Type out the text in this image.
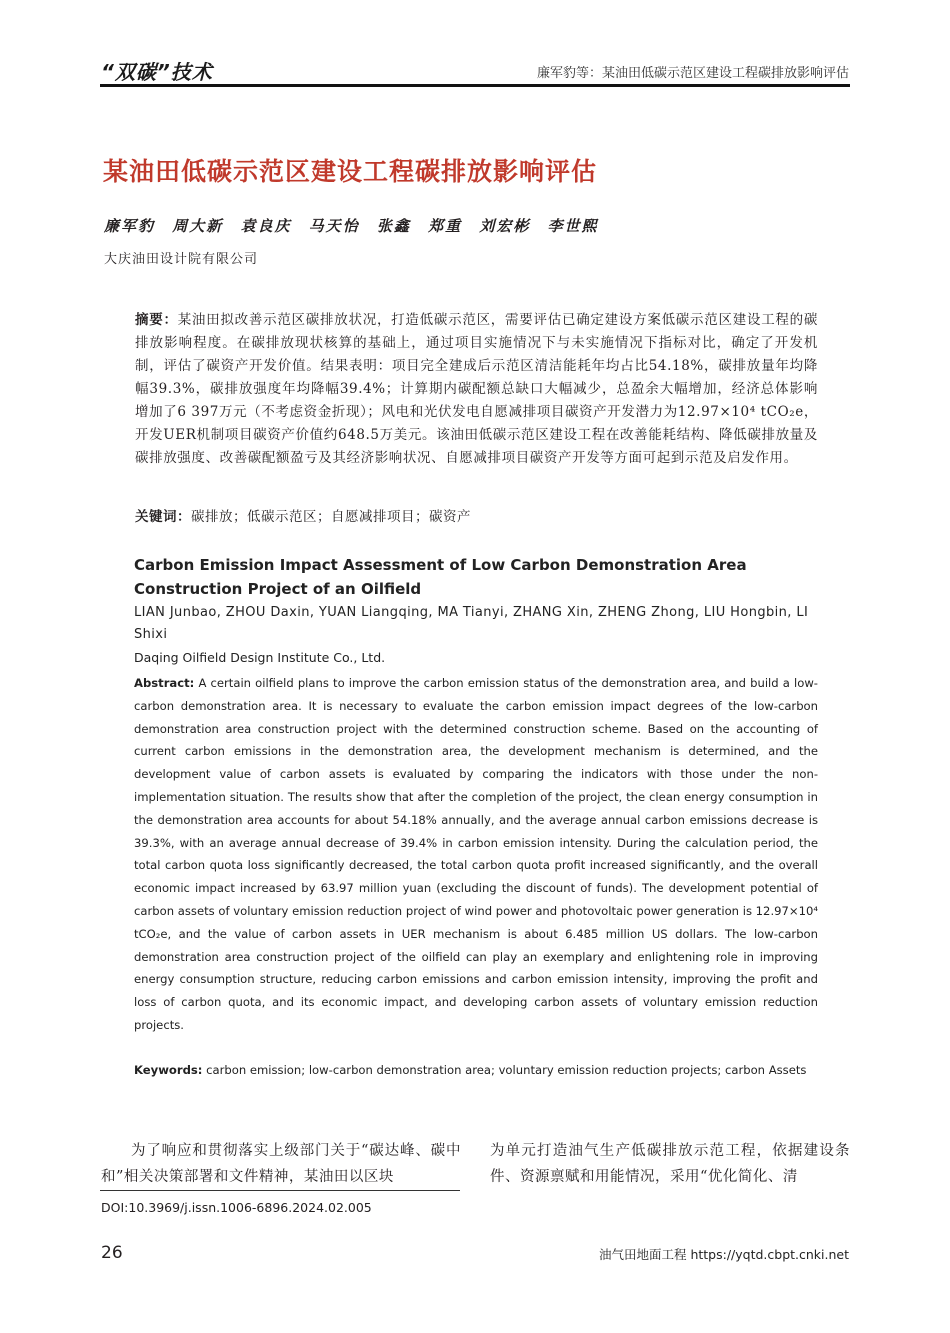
“双碳”技术	廉军豹等：某油田低碳示范区建设工程碳排放影响评估
某油田低碳示范区建设工程碳排放影响评估
廉军豹 周大新 袁良庆 马天怡 张鑫 郑重 刘宏彬 李世熙
大庆油田设计院有限公司
摘要：某油田拟改善示范区碳排放状况，打造低碳示范区，需要评估已确定建设方案低碳示范区建设工程的碳排放影响程度。在碳排放现状核算的基础上，通过项目实施情况下与未实施情况下指标对比，确定了开发机制，评估了碳资产开发价值。结果表明：项目完全建成后示范区清洁能耗年均占比54.18%，碳排放量年均降幅39.3%，碳排放强度年均降幅39.4%；计算期内碳配额总缺口大幅减少，总盈余大幅增加，经济总体影响增加了6 397万元（不考虑资金折现）；风电和光伏发电自愿减排项目碳资产开发潜力为12.97×10⁴ tCO₂e，开发UER机制项目碳资产价值约648.5万美元。该油田低碳示范区建设工程在改善能耗结构、降低碳排放量及碳排放强度、改善碳配额盈亏及其经济影响状况、自愿减排项目碳资产开发等方面可起到示范及启发作用。
关键词：碳排放；低碳示范区；自愿减排项目；碳资产
Carbon Emission Impact Assessment of Low Carbon Demonstration Area Construction Project of an Oilfield
LIAN Junbao, ZHOU Daxin, YUAN Liangqing, MA Tianyi, ZHANG Xin, ZHENG Zhong, LIU Hongbin, LI Shixi
Daqing Oilfield Design Institute Co., Ltd.
Abstract: A certain oilfield plans to improve the carbon emission status of the demonstration area, and build a low-carbon demonstration area. It is necessary to evaluate the carbon emission impact degrees of the low-carbon demonstration area construction project with the determined construction scheme. Based on the accounting of current carbon emissions in the demonstration area, the development mechanism is determined, and the development value of carbon assets is evaluated by comparing the indicators with those under the non-implementation situation. The results show that after the completion of the project, the clean energy consumption in the demonstration area accounts for about 54.18% annually, and the average annual carbon emissions decrease is 39.3%, with an average annual decrease of 39.4% in carbon emission intensity. During the calculation period, the total carbon quota loss significantly decreased, the total carbon quota profit increased significantly, and the overall economic impact increased by 63.97 million yuan (excluding the discount of funds). The development potential of carbon assets of voluntary emission reduction project of wind power and photovoltaic power generation is 12.97×10⁴ tCO₂e, and the value of carbon assets in UER mechanism is about 6.485 million US dollars. The low-carbon demonstration area construction project of the oilfield can play an exemplary and enlightening role in improving energy consumption structure, reducing carbon emissions and carbon emission intensity, improving the profit and loss of carbon quota, and its economic impact, and developing carbon assets of voluntary emission reduction projects.
Keywords: carbon emission; low-carbon demonstration area; voluntary emission reduction projects; carbon Assets
为了响应和贯彻落实上级部门关于“碳达峰、碳中和”相关决策部署和文件精神，某油田以区块
为单元打造油气生产低碳排放示范工程，依据建设条件、资源禀赋和用能情况，采用“优化简化、清
DOI:10.3969/j.issn.1006-6896.2024.02.005
26	油气田地面工程 https://yqtd.cbpt.cnki.net
